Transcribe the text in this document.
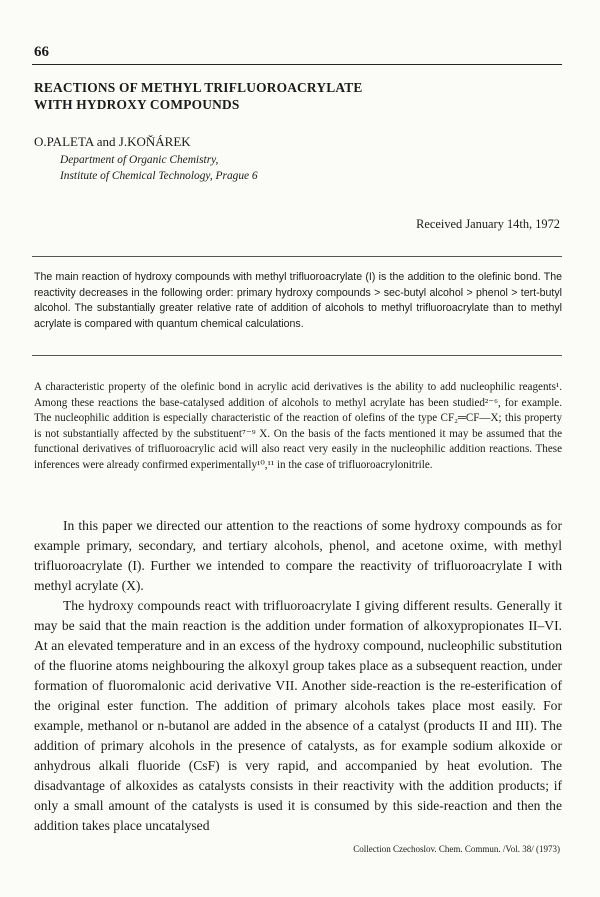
66
REACTIONS OF METHYL TRIFLUOROACRYLATE
WITH HYDROXY COMPOUNDS
O.PALETA and J.KOŇÁREK
Department of Organic Chemistry,
Institute of Chemical Technology, Prague 6
Received January 14th, 1972
The main reaction of hydroxy compounds with methyl trifluoroacrylate (I) is the addition to the olefinic bond. The reactivity decreases in the following order: primary hydroxy compounds > sec-butyl alcohol > phenol > tert-butyl alcohol. The substantially greater relative rate of addition of alcohols to methyl trifluoroacrylate than to methyl acrylate is compared with quantum chemical calculations.
A characteristic property of the olefinic bond in acrylic acid derivatives is the ability to add nucleophilic reagents¹. Among these reactions the base-catalysed addition of alcohols to methyl acrylate has been studied²⁻⁶, for example. The nucleophilic addition is especially characteristic of the reaction of olefins of the type CF₂═CF—X; this property is not substantially affected by the substituent⁷⁻⁹ X. On the basis of the facts mentioned it may be assumed that the functional derivatives of trifluoroacrylic acid will also react very easily in the nucleophilic addition reactions. These inferences were already confirmed experimentally¹⁰,¹¹ in the case of trifluoroacrylonitrile.

In this paper we directed our attention to the reactions of some hydroxy compounds as for example primary, secondary, and tertiary alcohols, phenol, and acetone oxime, with methyl trifluoroacrylate (I). Further we intended to compare the reactivity of trifluoroacrylate I with methyl acrylate (X).

The hydroxy compounds react with trifluoroacrylate I giving different results. Generally it may be said that the main reaction is the addition under formation of alkoxypropionates II–VI. At an elevated temperature and in an excess of the hydroxy compound, nucleophilic substitution of the fluorine atoms neighbouring the alkoxyl group takes place as a subsequent reaction, under formation of fluoromalonic acid derivative VII. Another side-reaction is the re-esterification of the original ester function. The addition of primary alcohols takes place most easily. For example, methanol or n-butanol are added in the absence of a catalyst (products II and III). The addition of primary alcohols in the presence of catalysts, as for example sodium alkoxide or anhydrous alkali fluoride (CsF) is very rapid, and accompanied by heat evolution. The disadvantage of alkoxides as catalysts consists in their reactivity with the addition products; if only a small amount of the catalysts is used it is consumed by this side-reaction and then the addition takes place uncatalysed

Collection Czechoslov. Chem. Commun. /Vol. 38/ (1973)
